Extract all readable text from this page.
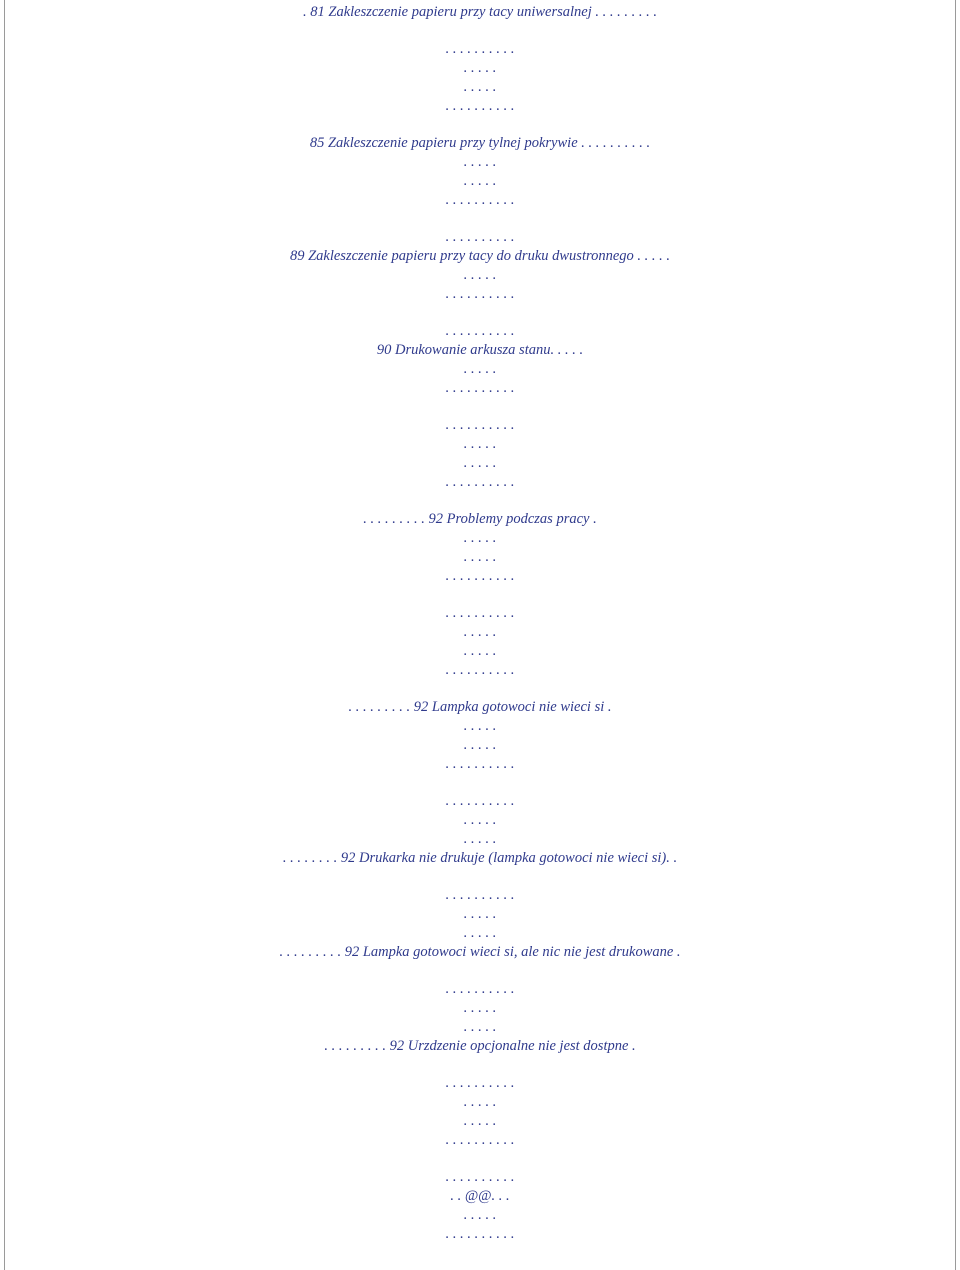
. 81 Zakleszczenie papieru przy tacy uniwersalnej . . . . . . . . .
. . . . . . . . . .
. . . . .
. . . . .
. . . . . . . . . .
85 Zakleszczenie papieru przy tylnej pokrywie . . . . . . . . . .
. . . . .
. . . . .
. . . . . . . . . .
. . . . . . . . . .
89 Zakleszczenie papieru przy tacy do druku dwustronnego . . . . .
. . . . .
. . . . . . . . . .
. . . . . . . . . .
90 Drukowanie arkusza stanu. . . . .
. . . . .
. . . . . . . . . .
. . . . . . . . . .
. . . . .
. . . . .
. . . . . . . . . .
. . . . . . . . . 92 Problemy podczas pracy .
. . . . .
. . . . .
. . . . . . . . . .
. . . . . . . . . .
. . . . .
. . . . .
. . . . . . . . . .
. . . . . . . . . 92 Lampka gotowoci nie wieci si .
. . . . .
. . . . .
. . . . . . . . . .
. . . . . . . . . .
. . . . .
. . . . .
. . . . . . . . 92 Drukarka nie drukuje (lampka gotowoci nie wieci si). .
. . . . . . . . . .
. . . . .
. . . . .
. . . . . . . . . 92 Lampka gotowoci wieci si, ale nic nie jest drukowane .
. . . . . . . . . .
. . . . .
. . . . .
. . . . . . . . . 92 Urzdzenie opcjonalne nie jest dostpne .
. . . . . . . . . .
. . . . .
. . . . .
. . . . . . . . . .
. . . . . . . . . .
. . @@. . .
. . . . .
. . . . . . . . . .
